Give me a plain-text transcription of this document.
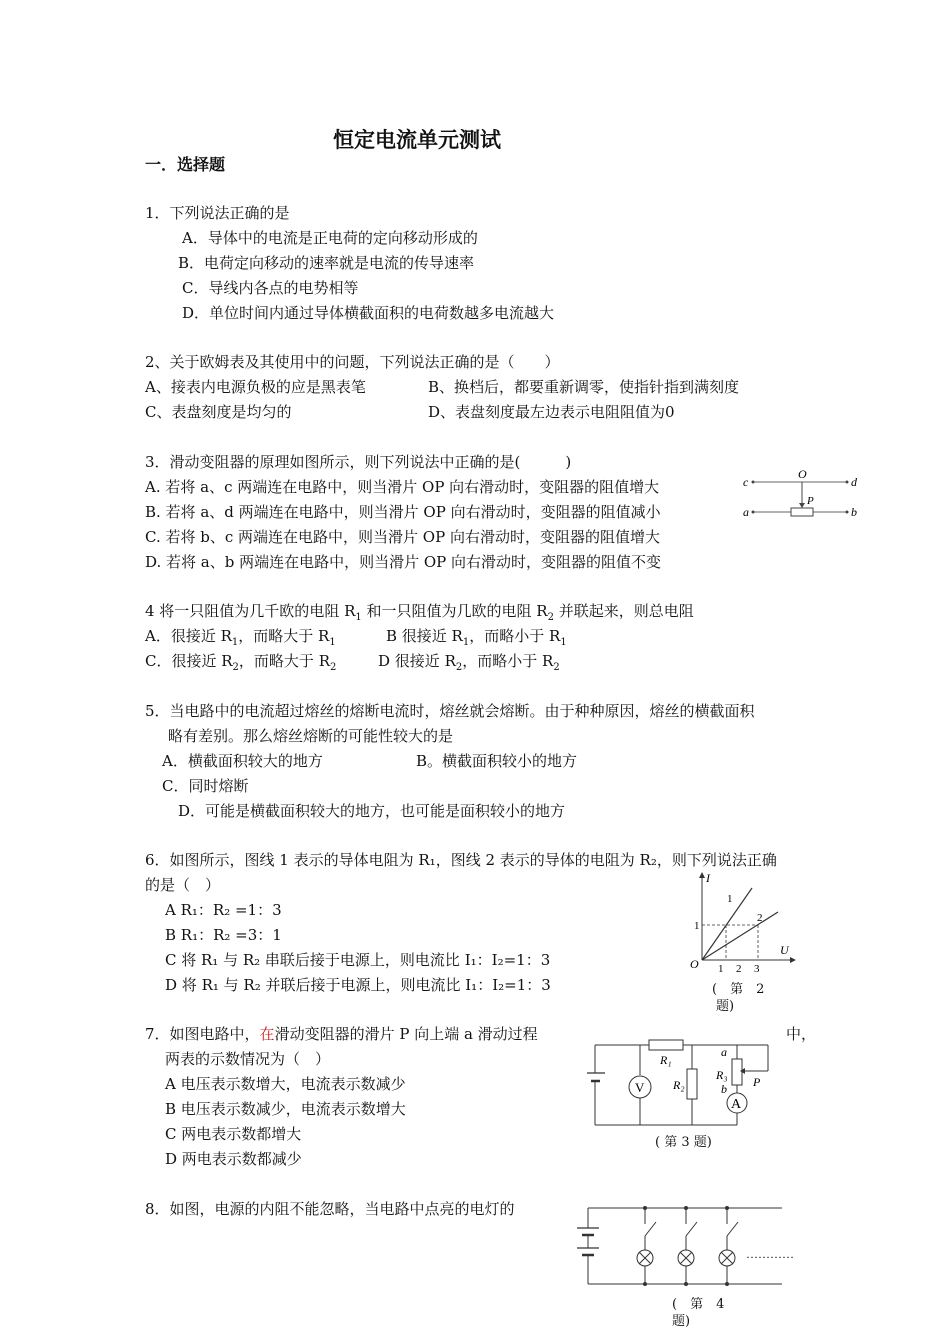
恒定电流单元测试
一．选择题
1．下列说法正确的是
A．导体中的电流是正电荷的定向移动形成的
B．电荷定向移动的速率就是电流的传导速率
C．导线内各点的电势相等
D．单位时间内通过导体横截面积的电荷数越多电流越大
2、关于欧姆表及其使用中的问题，下列说法正确的是（　　）
A、接表内电源负极的应是黑表笔	B、换档后，都要重新调零，使指针指到满刻度
C、表盘刻度是均匀的	D、表盘刻度最左边表示电阻阻值为0
3．滑动变阻器的原理如图所示，则下列说法中正确的是(　　　)
A. 若将 a、c 两端连在电路中，则当滑片 OP 向右滑动时，变阻器的阻值增大
B. 若将 a、d 两端连在电路中，则当滑片 OP 向右滑动时，变阻器的阻值减小
C. 若将 b、c 两端连在电路中，则当滑片 OP 向右滑动时，变阻器的阻值增大
D. 若将 a、b 两端连在电路中，则当滑片 OP 向右滑动时，变阻器的阻值不变
c
O
d
P
a	b
4 将一只阻值为几千欧的电阻 $R_1$ 和一只阻值为几欧的电阻 $R_2$ 并联起来，则总电阻
A．很接近 $R_1$，而略大于 $R_1$	B 很接近 $R_1$，而略小于 $R_1$
C．很接近 $R_2$，而略大于 $R_2$	D 很接近 $R_2$，而略小于 $R_2$
5．当电路中的电流超过熔丝的熔断电流时，熔丝就会熔断。由于种种原因，熔丝的横截面积
略有差别。那么熔丝熔断的可能性较大的是
A．横截面积较大的地方	B。横截面积较小的地方
C．同时熔断
D．可能是横截面积较大的地方，也可能是面积较小的地方
6．如图所示，图线 1 表示的导体电阻为 R₁，图线 2 表示的导体的电阻为 R₂，则下列说法正确
的是（　）
A R₁：R₂ =1：3
B R₁：R₂ =3：1
C 将 R₁ 与 R₂ 串联后接于电源上，则电流比 I₁：I₂=1：3
D 将 R₁ 与 R₂ 并联后接于电源上，则电流比 I₁：I₂=1：3
I
U
O
1
2
1
1 2 3
(　第　2
题)
7．如图电路中，在滑动变阻器的滑片 P 向上端 a 滑动过程	中，
两表的示数情况为（　）
A 电压表示数增大，电流表示数减少
B 电压表示数减少，电流表示数增大
C 两电表示数都增大
D 两电表示数都减少
R₁
V R₂
A
a
R₃
b P
( 第 3 题)
8．如图，电源的内阻不能忽略，当电路中点亮的电灯的
…………
(　第　4
题)
